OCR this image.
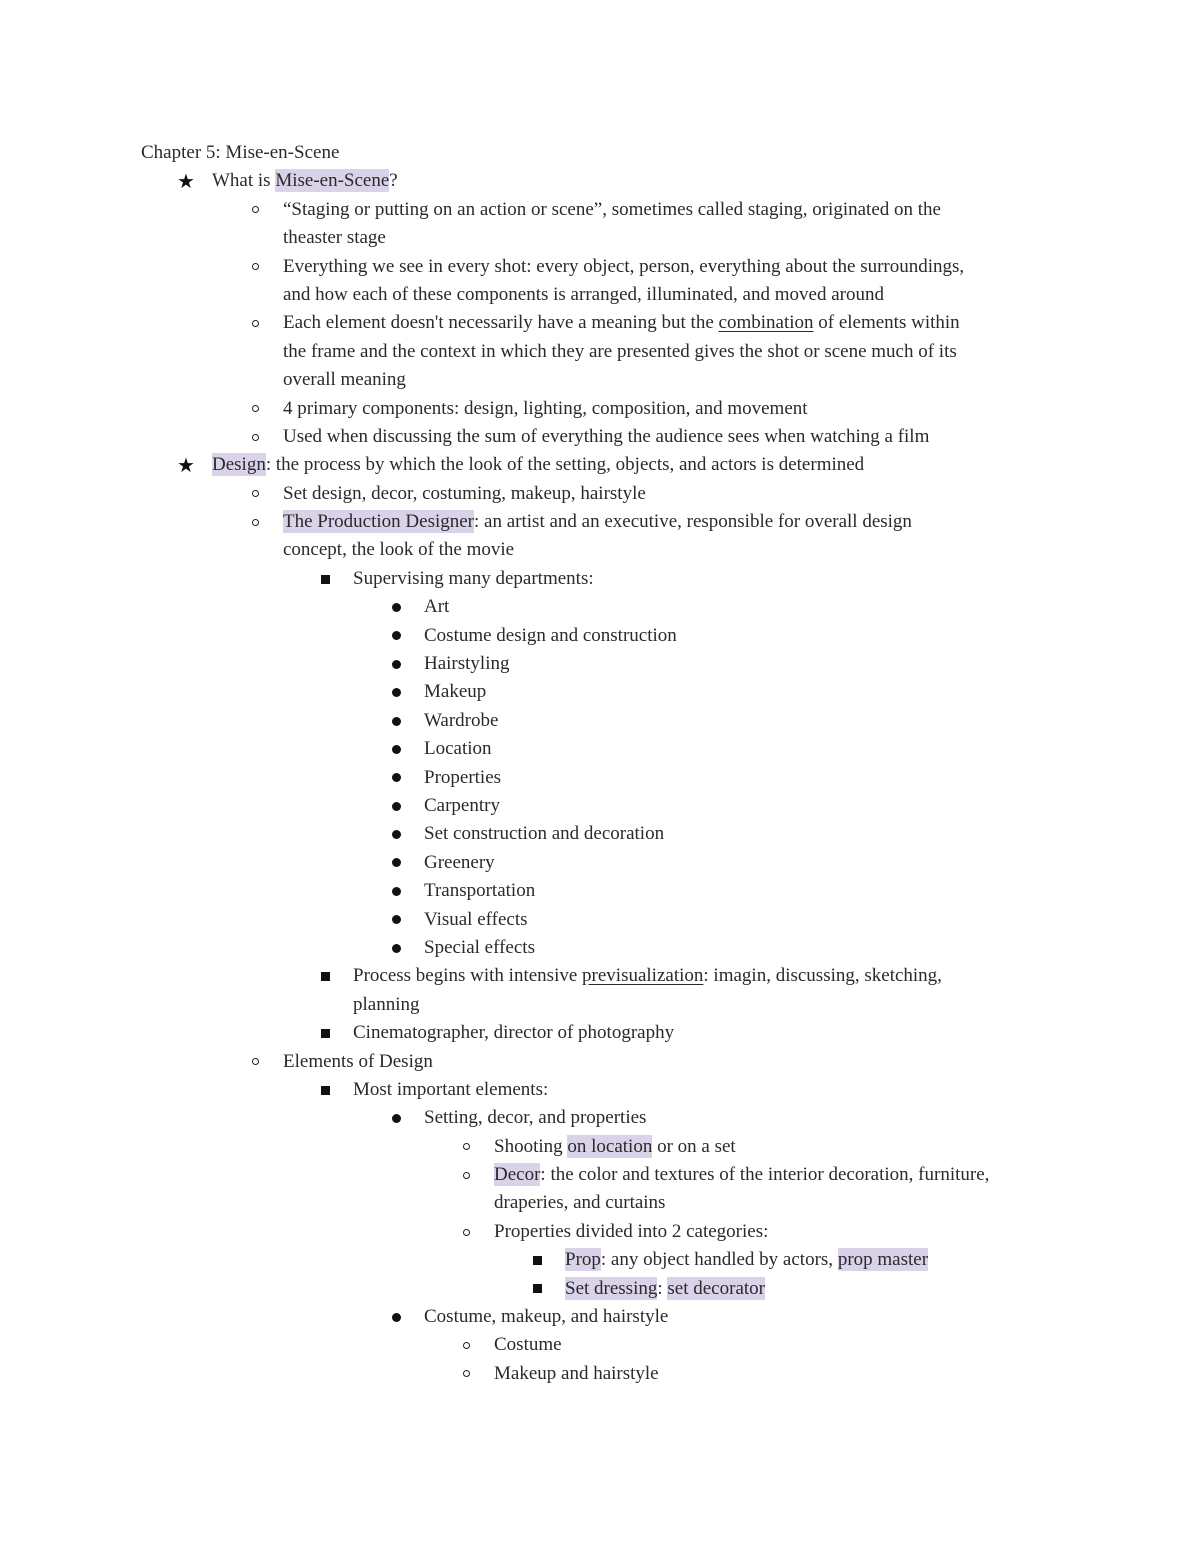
Chapter 5: Mise-en-Scene
★ What is Mise-en-Scene?
“Staging or putting on an action or scene”, sometimes called staging, originated on the
theaster stage
Everything we see in every shot: every object, person, everything about the surroundings,
and how each of these components is arranged, illuminated, and moved around
Each element doesn't necessarily have a meaning but the combination of elements within
the frame and the context in which they are presented gives the shot or scene much of its
overall meaning
4 primary components: design, lighting, composition, and movement
Used when discussing the sum of everything the audience sees when watching a film
★ Design: the process by which the look of the setting, objects, and actors is determined
Set design, decor, costuming, makeup, hairstyle
The Production Designer: an artist and an executive, responsible for overall design
concept, the look of the movie
Supervising many departments:
Art
Costume design and construction
Hairstyling
Makeup
Wardrobe
Location
Properties
Carpentry
Set construction and decoration
Greenery
Transportation
Visual effects
Special effects
Process begins with intensive previsualization: imagin, discussing, sketching,
planning
Cinematographer, director of photography
Elements of Design
Most important elements:
Setting, decor, and properties
Shooting on location or on a set
Decor: the color and textures of the interior decoration, furniture,
draperies, and curtains
Properties divided into 2 categories:
Prop: any object handled by actors, prop master
Set dressing: set decorator
Costume, makeup, and hairstyle
Costume
Makeup and hairstyle
